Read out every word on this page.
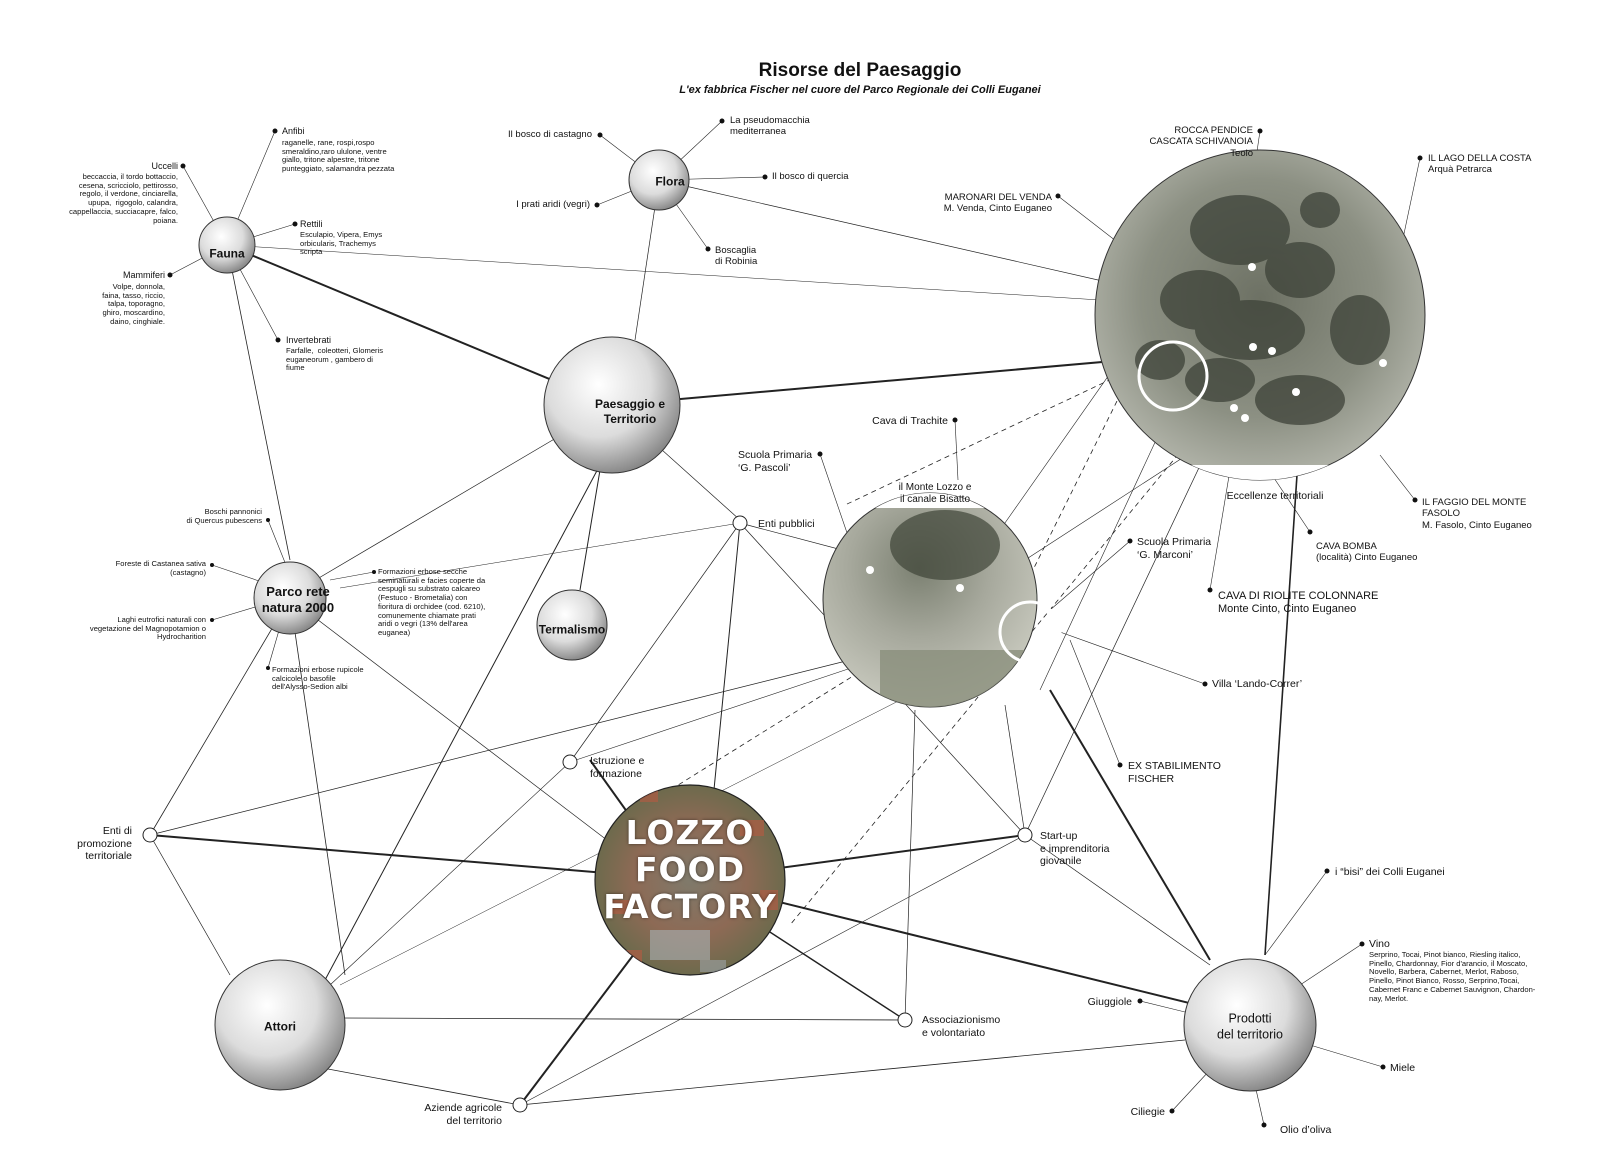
Risorse del Paesaggio
L'ex fabbrica Fischer nel cuore del Parco Regionale dei Colli Euganei
Fauna
Flora
Paesaggio e
Territorio
Parco rete
natura 2000
Termalismo
Attori
Prodotti
del territorio
LOZZO
FOOD
FACTORY
il Monte Lozzo e
il canale Bisatto	Eccellenze territoriali
Anfibi
raganelle, rane, rospi,rospo
smeraldino,raro ululone, ventre
giallo, tritone alpestre, tritone
punteggiato, salamandra pezzata
Uccelli
beccaccia, il tordo bottaccio,
cesena, scricciolo, pettirosso,
regolo, il verdone, cinciarella,
upupa,  rigogolo, calandra,
cappellaccia, succiacapre, falco,
poiana.	Rettili
Esculapio, Vipera, Emys
orbicularis, Trachemys
scripta
Mammiferi
Volpe, donnola,
faina, tasso, riccio,
talpa, toporagno,
ghiro, moscardino,
daino, cinghiale.
Invertebrati
Farfalle,  coleotteri, Glomeris
euganeorum , gambero di
fiume
Il bosco di castagno
La pseudomacchia
mediterranea
Il bosco di quercia
I prati aridi (vegri)
Boscaglia
di Robinia
Boschi pannonici
di Quercus pubescens
Foreste di Castanea sativa
(castagno)
Laghi eutrofici naturali con
vegetazione del Magnopotamion o
Hydrocharition
Formazioni erbose rupicole
calcicole o basofile
dell'Alysso-Sedion albi
Formazioni erbose secche
seminaturali e facies coperte da
cespugli su substrato calcareo
(Festuco - Brometalia) con
fioritura di orchidee (cod. 6210),
comunemente chiamate prati
aridi o vegri (13% dell'area
euganea)
ROCCA PENDICE
CASCATA SCHIVANOIA
Teolo	IL LAGO DELLA COSTA
Arquà Petrarca
MARONARI DEL VENDA
M. Venda, Cinto Euganeo
IL FAGGIO DEL MONTE
FASOLO
M. Fasolo, Cinto Euganeo
CAVA BOMBA
(località) Cinto Euganeo
CAVA DI RIOLITE COLONNARE
Monte Cinto, Cinto Euganeo
Cava di Trachite
Scuola Primaria
‘G. Pascoli’
Scuola Primaria
‘G. Marconi’
Villa ‘Lando-Correr’
EX STABILIMENTO
FISCHER
Enti pubblici
Istruzione e
formazione
Enti di
promozione
territoriale
Start-up
e imprenditoria
giovanile
Associazionismo
e volontariato
Aziende agricole
del territorio
i “bisi” dei Colli Euganei
Vino
Serprino, Tocai, Pinot bianco, Riesling italico,
Pinello, Chardonnay, Fior d'arancio, il Moscato,
Novello, Barbera, Cabernet, Merlot, Raboso,
Pinello, Pinot Bianco, Rosso, Serprino,Tocai,
Cabernet Franc e Cabernet Sauvignon, Chardon-
nay, Merlot.
Giuggiole
Miele
Ciliegie
Olio d’oliva
